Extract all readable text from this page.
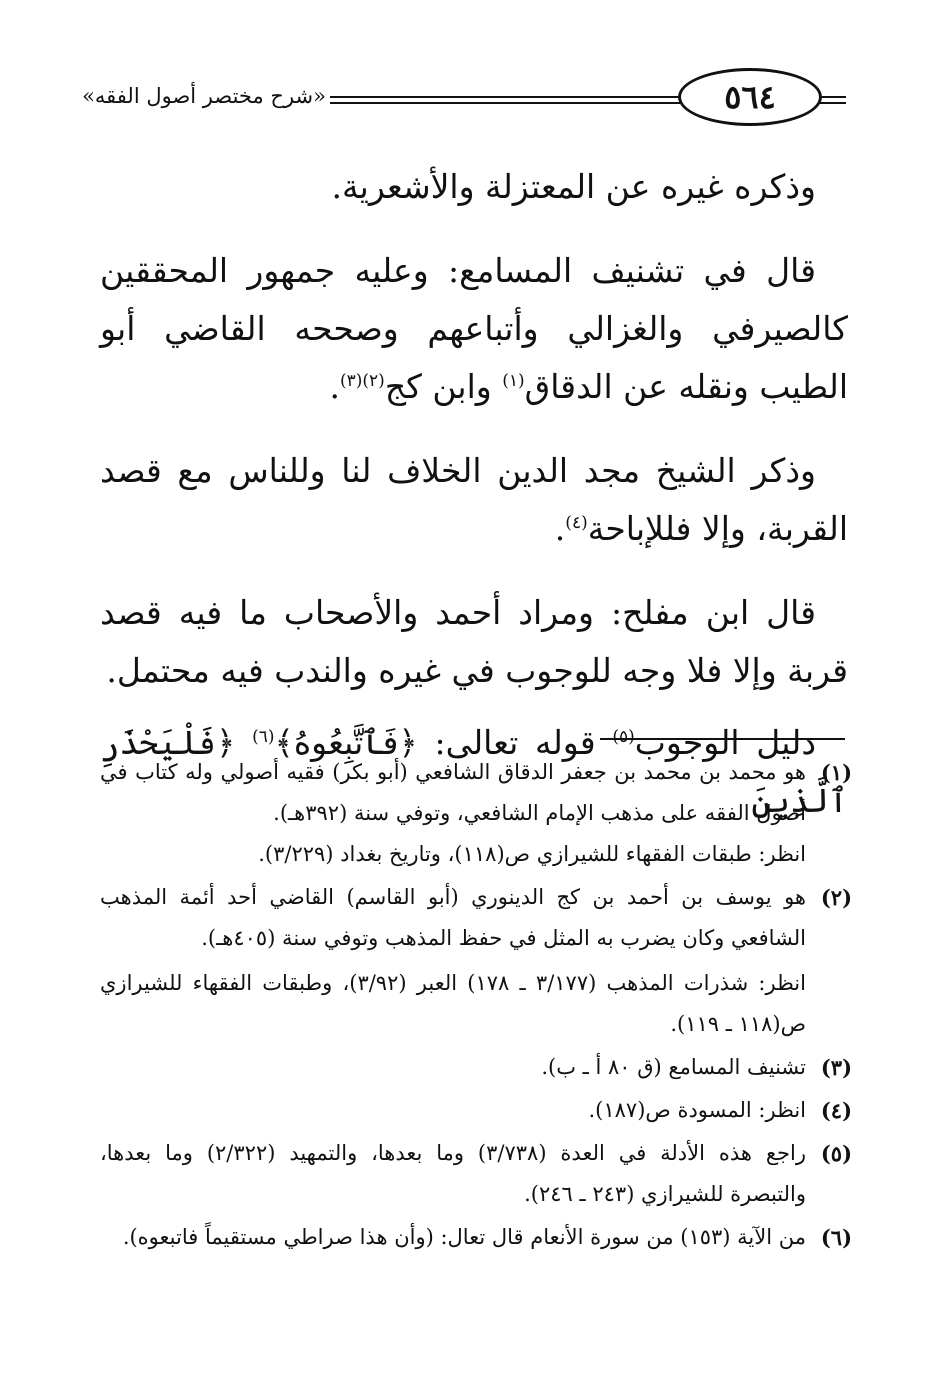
«شرح مختصر أصول الفقه»	٥٦٤

وذكره غيره عن المعتزلة والأشعرية.

قال في تشنيف المسامع: وعليه جمهور المحققين كالصيرفي والغزالي وأتباعهم وصححه القاضي أبو الطيب ونقله عن الدقاق$^{(١)}$ وابن كج$^{(٢)(٣)}$.

وذكر الشيخ مجد الدين الخلاف لنا وللناس مع قصد القربة، وإلا فللإباحة$^{(٤)}$.

قال ابن مفلح: ومراد أحمد والأصحاب ما فيه قصد قربة وإلا فلا وجه للوجوب في غيره والندب فيه محتمل.

دليل الوجوب$^{(٥)}$ قوله تعالى: ﴿فَٱتَّبِعُوهُ﴾$^{(٦)}$ ﴿فَلْيَحْذَرِ ٱلَّذِينَ

(١)
هو محمد بن محمد بن جعفر الدقاق الشافعي (أبو بكر) فقيه أصولي وله كتاب في أصول الفقه على مذهب الإمام الشافعي، وتوفي سنة (٣٩٢هـ).
انظر: طبقات الفقهاء للشيرازي ص(١١٨)، وتاريخ بغداد (٣/٢٢٩).
(٢)
هو يوسف بن أحمد بن كج الدينوري (أبو القاسم) القاضي أحد أئمة المذهب الشافعي وكان يضرب به المثل في حفظ المذهب وتوفي سنة (٤٠٥هـ).
انظر: شذرات المذهب (٣/١٧٧ ـ ١٧٨) العبر (٣/٩٢)، وطبقات الفقهاء للشيرازي ص(١١٨ ـ ١١٩).
(٣)
تشنيف المسامع (ق ٨٠ أ ـ ب).
(٤)
انظر: المسودة ص(١٨٧).
(٥)
راجع هذه الأدلة في العدة (٣/٧٣٨) وما بعدها، والتمهيد (٢/٣٢٢) وما بعدها، والتبصرة للشيرازي (٢٤٣ ـ ٢٤٦).
(٦)
من الآية (١٥٣) من سورة الأنعام قال تعال: (وأن هذا صراطي مستقيماً فاتبعوه).
